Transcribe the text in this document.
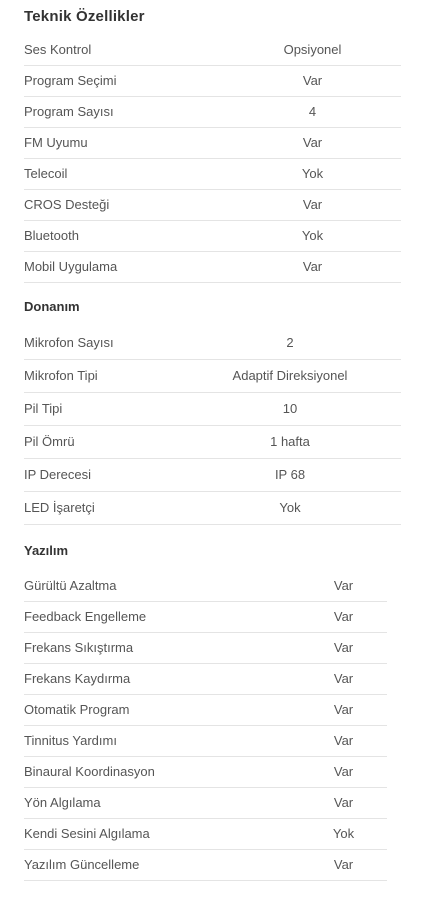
Teknik Özellikler
Ses Kontrol	Opsiyonel
Program Seçimi	Var
Program Sayısı	4
FM Uyumu	Var
Telecoil	Yok
CROS Desteği	Var
Bluetooth	Yok
Mobil Uygulama	Var
Donanım
Mikrofon Sayısı	2
Mikrofon Tipi	Adaptif Direksiyonel
Pil Tipi	10
Pil Ömrü	1 hafta
IP Derecesi	IP 68
LED İşaretçi	Yok
Yazılım
Gürültü Azaltma	Var
Feedback Engelleme	Var
Frekans Sıkıştırma	Var
Frekans Kaydırma	Var
Otomatik Program	Var
Tinnitus Yardımı	Var
Binaural Koordinasyon	Var
Yön Algılama	Var
Kendi Sesini Algılama	Yok
Yazılım Güncelleme	Var
